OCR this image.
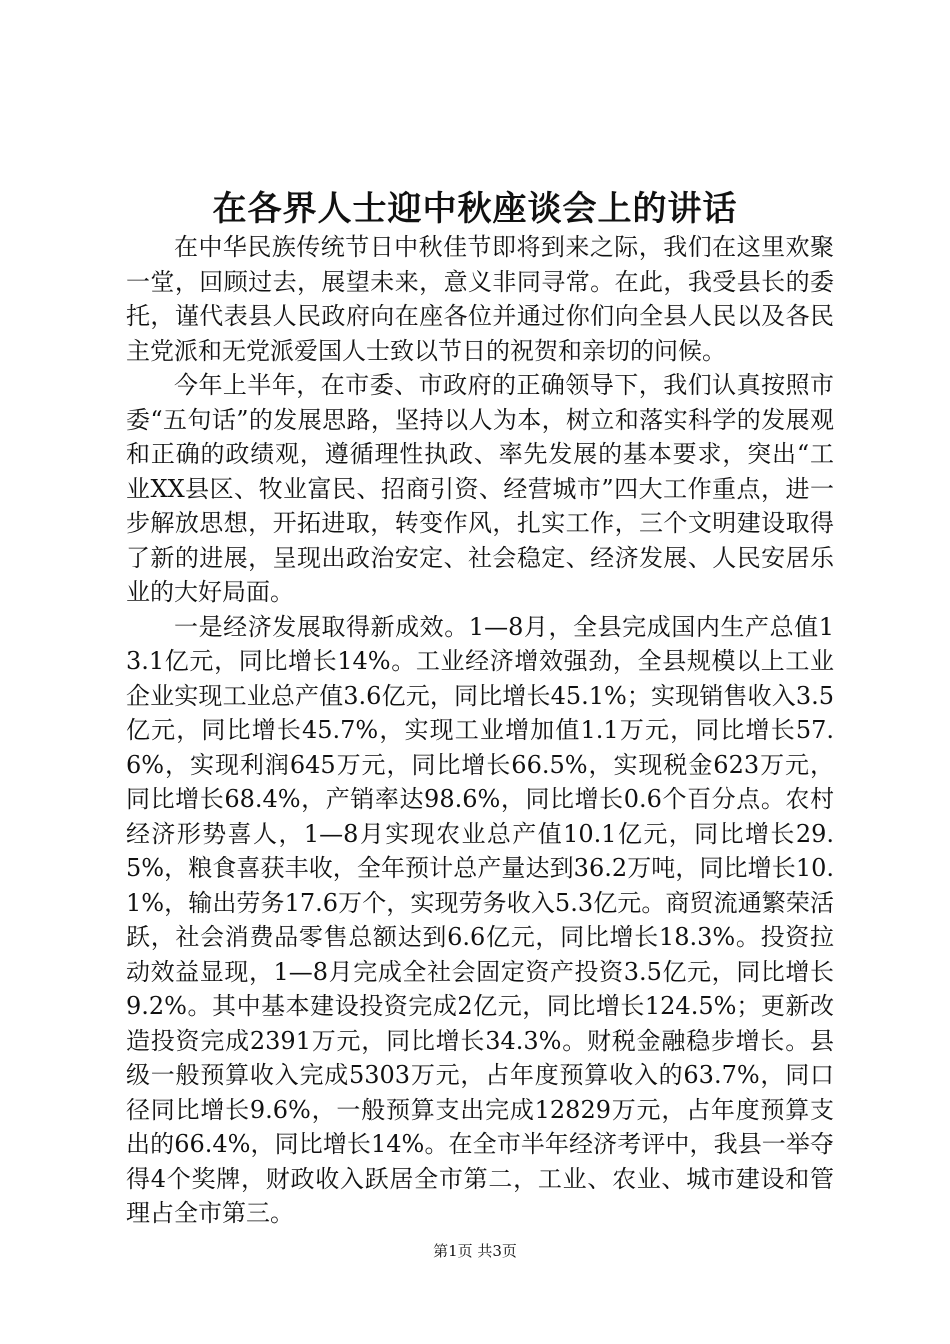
在各界人士迎中秋座谈会上的讲话

在中华民族传统节日中秋佳节即将到来之际，我们在这里欢聚一堂，回顾过去，展望未来，意义非同寻常。在此，我受县长的委托，谨代表县人民政府向在座各位并通过你们向全县人民以及各民主党派和无党派爱国人士致以节日的祝贺和亲切的问候。

今年上半年，在市委、市政府的正确领导下，我们认真按照市委“五句话”的发展思路，坚持以人为本，树立和落实科学的发展观和正确的政绩观，遵循理性执政、率先发展的基本要求，突出“工业XX县区、牧业富民、招商引资、经营城市”四大工作重点，进一步解放思想，开拓进取，转变作风，扎实工作，三个文明建设取得了新的进展，呈现出政治安定、社会稳定、经济发展、人民安居乐业的大好局面。

一是经济发展取得新成效。1—8月，全县完成国内生产总值13.1亿元，同比增长14%。工业经济增效强劲，全县规模以上工业企业实现工业总产值3.6亿元，同比增长45.1%；实现销售收入3.5亿元，同比增长45.7%，实现工业增加值1.1万元，同比增长57.6%，实现利润645万元，同比增长66.5%，实现税金623万元，同比增长68.4%，产销率达98.6%，同比增长0.6个百分点。农村经济形势喜人，1—8月实现农业总产值10.1亿元，同比增长29.5%，粮食喜获丰收，全年预计总产量达到36.2万吨，同比增长10.1%，输出劳务17.6万个，实现劳务收入5.3亿元。商贸流通繁荣活跃，社会消费品零售总额达到6.6亿元，同比增长18.3%。投资拉动效益显现，1—8月完成全社会固定资产投资3.5亿元，同比增长9.2%。其中基本建设投资完成2亿元，同比增长124.5%；更新改造投资完成2391万元，同比增长34.3%。财税金融稳步增长。县级一般预算收入完成5303万元，占年度预算收入的63.7%，同口径同比增长9.6%，一般预算支出完成12829万元，占年度预算支出的66.4%，同比增长14%。在全市半年经济考评中，我县一举夺得4个奖牌，财政收入跃居全市第二，工业、农业、城市建设和管理占全市第三。

第1页 共3页
